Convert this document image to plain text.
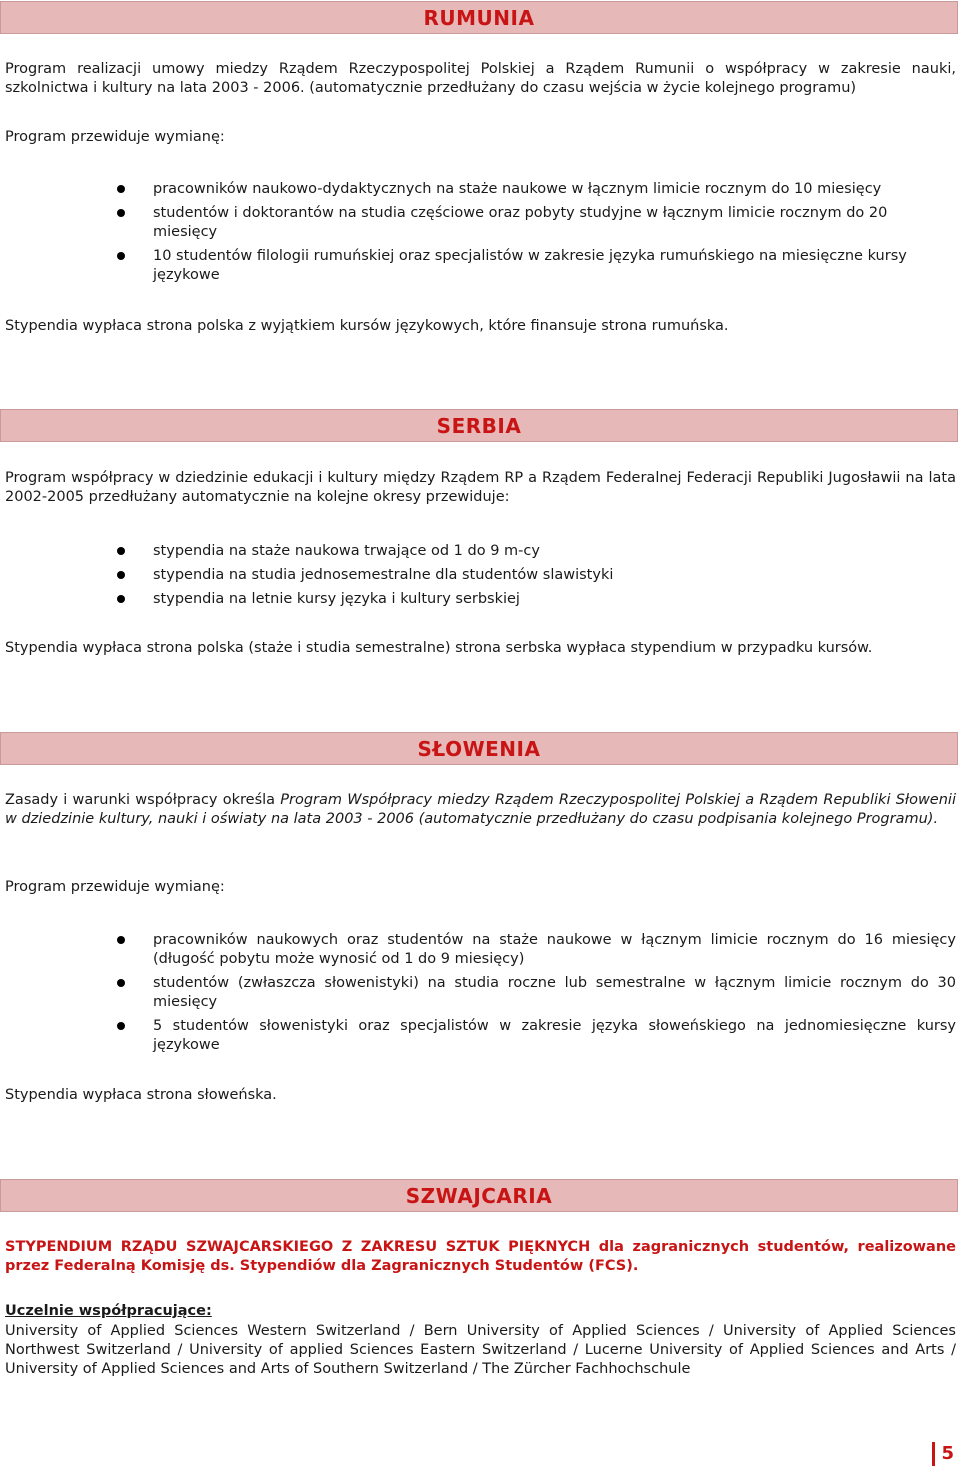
RUMUNIA

Program realizacji umowy miedzy Rządem Rzeczypospolitej Polskiej a Rządem Rumunii o współpracy w zakresie nauki, szkolnictwa i kultury na lata 2003 - 2006. (automatycznie przedłużany do czasu wejścia w życie kolejnego programu)

Program przewiduje wymianę:

pracowników naukowo-dydaktycznych na staże naukowe w łącznym limicie rocznym do 10 miesięcy
studentów i doktorantów na studia częściowe oraz pobyty studyjne w łącznym limicie rocznym do 20 miesięcy
10 studentów filologii rumuńskiej oraz specjalistów w zakresie języka rumuńskiego na miesięczne kursy językowe

Stypendia wypłaca strona polska z wyjątkiem kursów językowych, które finansuje strona rumuńska.

SERBIA

Program współpracy w dziedzinie edukacji i kultury między Rządem RP a Rządem Federalnej Federacji Republiki Jugosławii na lata 2002-2005 przedłużany automatycznie na kolejne okresy przewiduje:

stypendia na staże naukowa trwające od 1 do 9 m-cy
stypendia na studia jednosemestralne dla studentów slawistyki
stypendia na letnie kursy języka i kultury serbskiej

Stypendia wypłaca strona polska (staże i studia semestralne) strona serbska wypłaca stypendium w przypadku kursów.

SŁOWENIA

Zasady i warunki współpracy określa Program Współpracy miedzy Rządem Rzeczypospolitej Polskiej a Rządem Republiki Słowenii w dziedzinie kultury, nauki i oświaty na lata 2003 - 2006 (automatycznie przedłużany do czasu podpisania kolejnego Programu).

Program przewiduje wymianę:

pracowników naukowych oraz studentów na staże naukowe w łącznym limicie rocznym do 16 miesięcy (długość pobytu może wynosić od 1 do 9 miesięcy)
studentów (zwłaszcza słowenistyki) na studia roczne lub semestralne w łącznym limicie rocznym do 30 miesięcy
5 studentów słowenistyki oraz specjalistów w zakresie języka słoweńskiego na jednomiesięczne kursy językowe

Stypendia wypłaca strona słoweńska.

SZWAJCARIA

STYPENDIUM RZĄDU SZWAJCARSKIEGO Z ZAKRESU SZTUK PIĘKNYCH dla zagranicznych studentów, realizowane przez Federalną Komisję ds. Stypendiów dla Zagranicznych Studentów (FCS).

Uczelnie współpracujące:

University of Applied Sciences Western Switzerland / Bern University of Applied Sciences / University of Applied Sciences Northwest Switzerland / University of applied Sciences Eastern Switzerland / Lucerne University of Applied Sciences and Arts / University of Applied Sciences and Arts of Southern Switzerland / The Zürcher Fachhochschule

5
